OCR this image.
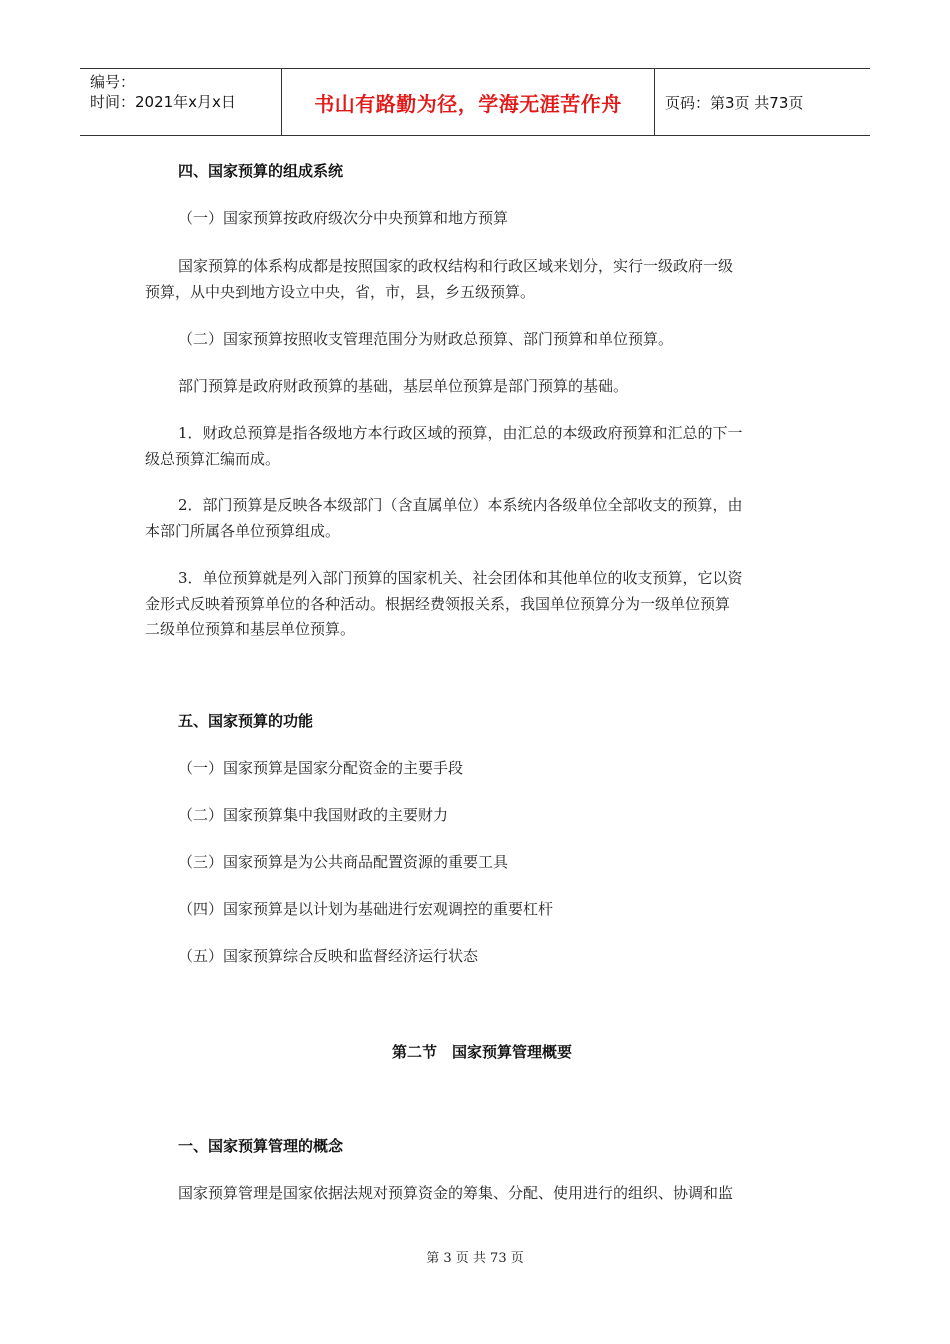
编号：
时间：2021年x月x日	书山有路勤为径，学海无涯苦作舟	页码：第3页 共73页
四、国家预算的组成系统
（一）国家预算按政府级次分中央预算和地方预算
国家预算的体系构成都是按照国家的政权结构和行政区域来划分，实行一级政府一级
预算，从中央到地方设立中央，省，市，县，乡五级预算。
（二）国家预算按照收支管理范围分为财政总预算、部门预算和单位预算。
部门预算是政府财政预算的基础，基层单位预算是部门预算的基础。
1．财政总预算是指各级地方本行政区域的预算，由汇总的本级政府预算和汇总的下一
级总预算汇编而成。
2．部门预算是反映各本级部门（含直属单位）本系统内各级单位全部收支的预算，由
本部门所属各单位预算组成。
3．单位预算就是列入部门预算的国家机关、社会团体和其他单位的收支预算，它以资
金形式反映着预算单位的各种活动。根据经费领报关系，我国单位预算分为一级单位预算
二级单位预算和基层单位预算。
五、国家预算的功能
（一）国家预算是国家分配资金的主要手段
（二）国家预算集中我国财政的主要财力
（三）国家预算是为公共商品配置资源的重要工具
（四）国家预算是以计划为基础进行宏观调控的重要杠杆
（五）国家预算综合反映和监督经济运行状态
第二节　国家预算管理概要
一、国家预算管理的概念
国家预算管理是国家依据法规对预算资金的筹集、分配、使用进行的组织、协调和监
第 3 页 共 73 页
